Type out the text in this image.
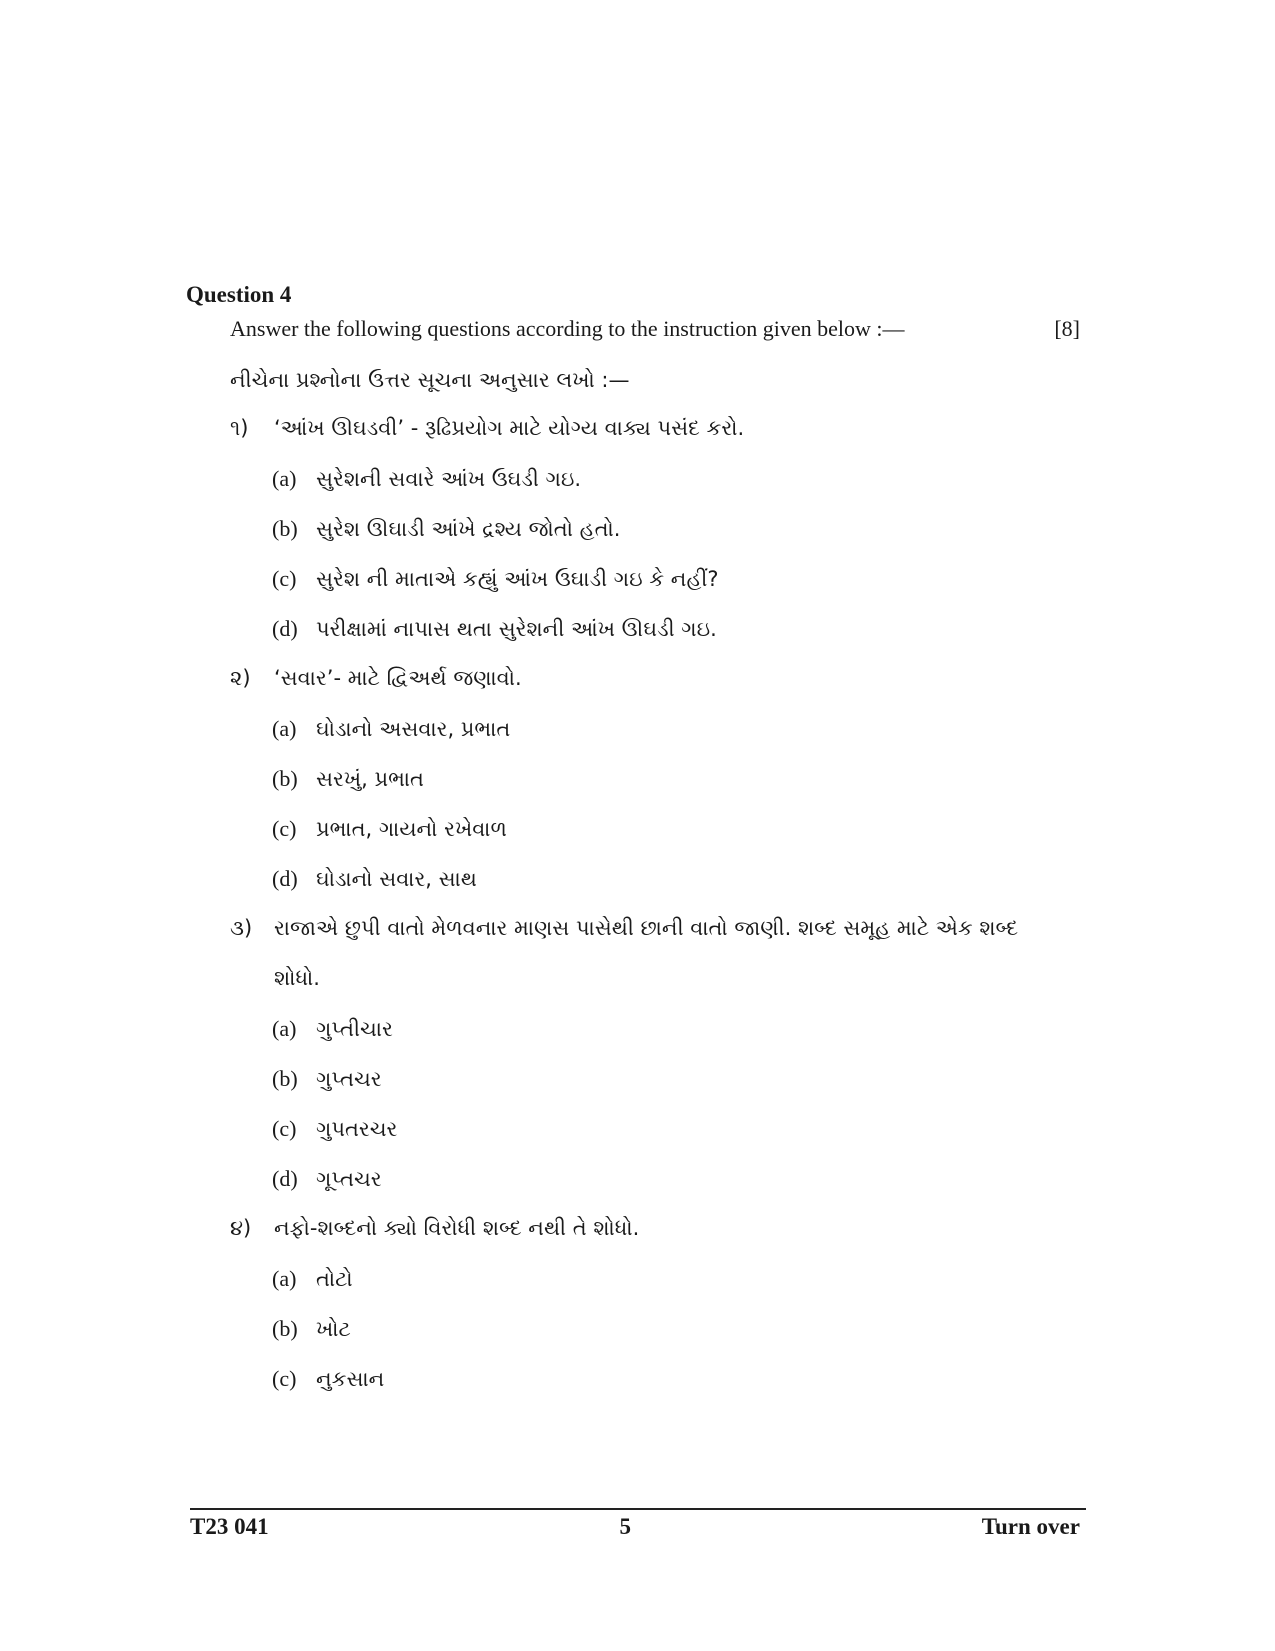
Question 4
Answer the following questions according to the instruction given below :—	[8]
નીચેના પ્રશ્નોના ઉત્તર સૂચના અનુસાર લખો :—
૧) ‘આંખ ઊઘડવી’ - રૂઢિપ્રયોગ માટે યોગ્ય વાક્ય પસંદ કરો.
(a) સુરેશની સવારે આંખ ઉઘડી ગઇ.
(b) સુરેશ ઊઘાડી આંખે દ્રશ્ય જોતો હતો.
(c) સુરેશ ની માતાએ કહ્યું આંખ ઉઘાડી ગઇ કે નહીં?
(d) પરીક્ષામાં નાપાસ થતા સુરેશની આંખ ઊઘડી ગઇ.
૨) ‘સવાર’- માટે દ્વિઅર્થ જણાવો.
(a) ઘોડાનો અસવાર, પ્રભાત
(b) સરખું, પ્રભાત
(c) પ્રભાત, ગાયનો રખેવાળ
(d) ઘોડાનો સવાર, સાથ
૩) રાજાએ છુપી વાતો મેળવનાર માણસ પાસેથી છાની વાતો જાણી. શબ્દ સમૂહ માટે એક શબ્દ
શોધો.
(a) ગુપ્તીચાર
(b) ગુપ્તચર
(c) ગુપતરચર
(d) ગૂપ્તચર
૪) નફો-શબ્દનો ક્યો વિરોધી શબ્દ નથી તે શોધો.
(a) તોટો
(b) ખોટ
(c) નુકસાન
T23 041	5	Turn over
